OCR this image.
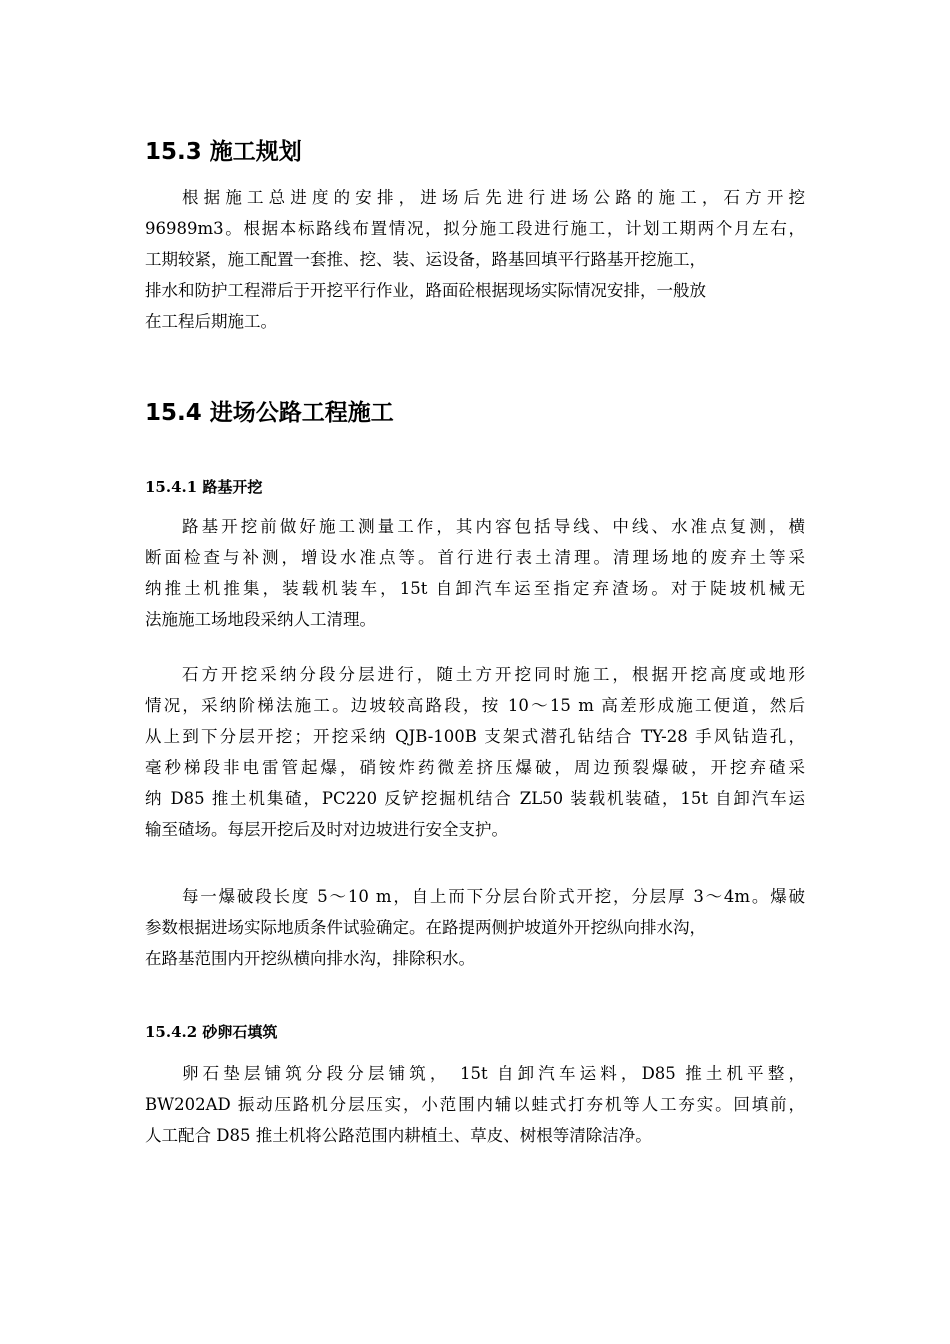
15.3 施工规划
根据施工总进度的安排，进场后先进行进场公路的施工，石方开挖
96989m3。根据本标路线布置情况，拟分施工段进行施工，计划工期两个月左右，
工期较紧，施工配置一套推、挖、装、运设备，路基回填平行路基开挖施工，
排水和防护工程滞后于开挖平行作业，路面砼根据现场实际情况安排，一般放
在工程后期施工。
15.4 进场公路工程施工
15.4.1 路基开挖
路基开挖前做好施工测量工作，其内容包括导线、中线、水准点复测，横
断面检查与补测，增设水准点等。首行进行表土清理。清理场地的废弃土等采
纳推土机推集，装载机装车，15t 自卸汽车运至指定弃渣场。对于陡坡机械无
法施施工场地段采纳人工清理。
石方开挖采纳分段分层进行，随土方开挖同时施工，根据开挖高度或地形
情况，采纳阶梯法施工。边坡较高路段，按 10～15 m 高差形成施工便道，然后
从上到下分层开挖；开挖采纳 QJB-100B 支架式潜孔钻结合 TY-28 手风钻造孔，
毫秒梯段非电雷管起爆，硝铵炸药微差挤压爆破，周边预裂爆破，开挖弃碴采
纳 D85 推土机集碴，PC220 反铲挖掘机结合 ZL50 装载机装碴，15t 自卸汽车运
输至碴场。每层开挖后及时对边坡进行安全支护。
每一爆破段长度 5～10 m，自上而下分层台阶式开挖，分层厚 3～4m。爆破
参数根据进场实际地质条件试验确定。在路提两侧护坡道外开挖纵向排水沟，
在路基范围内开挖纵横向排水沟，排除积水。
15.4.2 砂卵石填筑
卵石垫层铺筑分段分层铺筑， 15t 自卸汽车运料，D85 推土机平整，
BW202AD 振动压路机分层压实，小范围内辅以蛙式打夯机等人工夯实。回填前，
人工配合 D85 推土机将公路范围内耕植土、草皮、树根等清除洁净。
